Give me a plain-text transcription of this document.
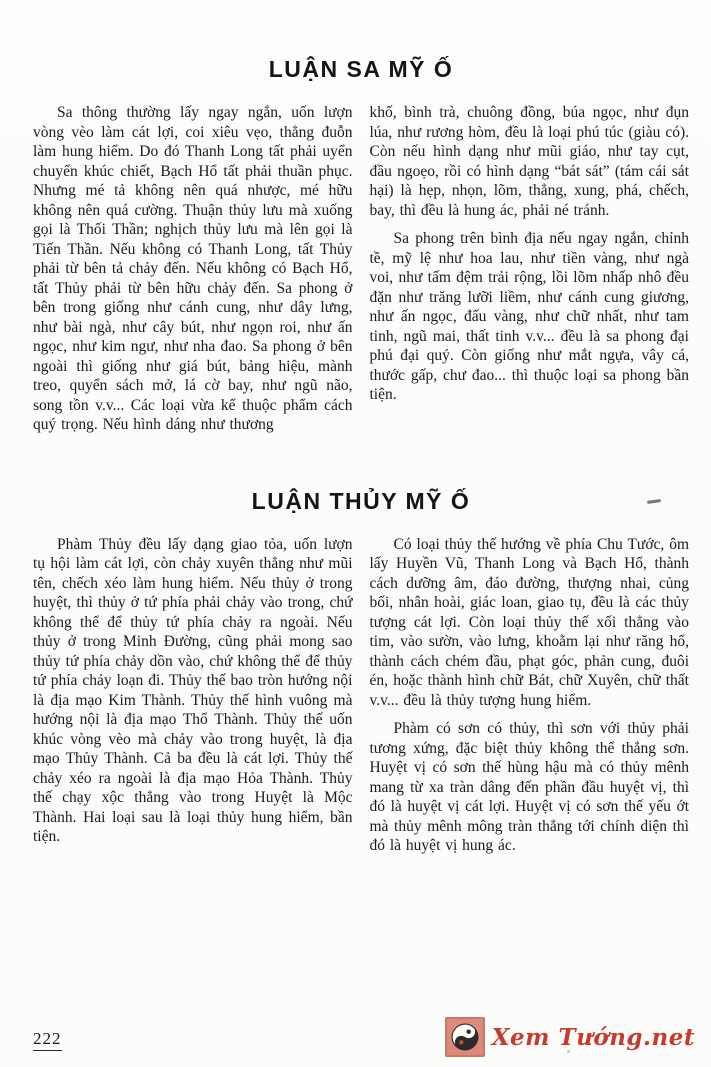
LUẬN SA MỸ Ố

Sa thông thường lấy ngay ngắn, uốn lượn vòng vèo làm cát lợi, coi xiêu vẹo, thẳng đuỗn làm hung hiểm. Do đó Thanh Long tất phải uyển chuyển khúc chiết, Bạch Hổ tất phải thuần phục. Nhưng mé tả không nên quá nhược, mé hữu không nên quá cường. Thuận thủy lưu mà xuống gọi là Thối Thần; nghịch thủy lưu mà lên gọi là Tiến Thần. Nếu không có Thanh Long, tất Thủy phải từ bên tả chảy đến. Nếu không có Bạch Hổ, tất Thủy phải từ bên hữu chảy đến. Sa phong ở bên trong giống như cánh cung, như dây lưng, như bài ngà, như cây bút, như ngọn roi, như ấn ngọc, như kim ngư, như nha đao. Sa phong ở bên ngoài thì giống như giá bút, bảng hiệu, mành treo, quyển sách mở, lá cờ bay, như ngũ não, song tồn v.v... Các loại vừa kể thuộc phẩm cách quý trọng. Nếu hình dáng như thương

khố, bình trà, chuông đồng, búa ngọc, như đụn lúa, như rương hòm, đều là loại phú túc (giàu có). Còn nếu hình dạng như mũi giáo, như tay cụt, đầu ngoẹo, rồi có hình dạng “bát sát” (tám cái sát hại) là hẹp, nhọn, lõm, thẳng, xung, phá, chếch, bay, thì đều là hung ác, phải né tránh.

Sa phong trên bình địa nếu ngay ngắn, chỉnh tề, mỹ lệ như hoa lau, như tiền vàng, như ngà voi, như tấm đệm trải rộng, lồi lõm nhấp nhô đều đặn như trăng lưỡi liềm, như cánh cung giương, như ấn ngọc, đấu vàng, như chữ nhất, như tam tinh, ngũ mai, thất tinh v.v... đều là sa phong đại phú đại quý. Còn giống như mắt ngựa, vây cá, thước gấp, chư đao... thì thuộc loại sa phong bần tiện.

LUẬN THỦY MỸ Ố

Phàm Thủy đều lấy dạng giao tỏa, uốn lượn tụ hội làm cát lợi, còn chảy xuyên thẳng như mũi tên, chếch xéo làm hung hiểm. Nếu thủy ở trong huyệt, thì thủy ở tứ phía phải chảy vào trong, chứ không thể để thủy tứ phía chảy ra ngoài. Nếu thủy ở trong Minh Đường, cũng phải mong sao thủy tứ phía chảy dồn vào, chứ không thể để thủy tứ phía chảy loạn đi. Thủy thế bao tròn hướng nội là địa mạo Kim Thành. Thủy thế hình vuông mà hướng nội là địa mạo Thổ Thành. Thủy thế uốn khúc vòng vèo mà chảy vào trong huyệt, là địa mạo Thủy Thành. Cả ba đều là cát lợi. Thủy thế chảy xéo ra ngoài là địa mạo Hỏa Thành. Thủy thế chạy xộc thẳng vào trong Huyệt là Mộc Thành. Hai loại sau là loại thủy hung hiểm, bần tiện.

Có loại thủy thế hướng về phía Chu Tước, ôm lấy Huyền Vũ, Thanh Long và Bạch Hổ, thành cách dưỡng âm, đáo đường, thượng nhai, củng bối, nhân hoài, giác loan, giao tụ, đều là các thủy tượng cát lợi. Còn loại thủy thế xối thẳng vào tim, vào sườn, vào lưng, khoằm lại như răng hổ, thành cách chém đầu, phạt góc, phản cung, đuôi én, hoặc thành hình chữ Bát, chữ Xuyên, chữ thất v.v... đều là thủy tượng hung hiểm.

Phàm có sơn có thủy, thì sơn với thủy phải tương xứng, đặc biệt thủy không thể thắng sơn. Huyệt vị có sơn thế hùng hậu mà có thủy mênh mang từ xa tràn dâng đến phần đầu huyệt vị, thì đó là huyệt vị cát lợi. Huyệt vị có sơn thế yếu ớt mà thủy mênh mông tràn thẳng tới chính diện thì đó là huyệt vị hung ác.

222	Xem Tướng.net
